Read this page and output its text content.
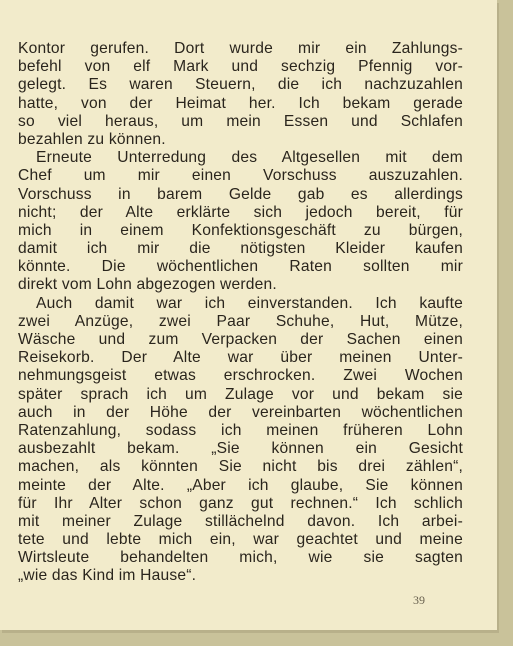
Kontor gerufen. Dort wurde mir ein Zahlungs-
befehl von elf Mark und sechzig Pfennig vor-
gelegt. Es waren Steuern, die ich nachzuzahlen
hatte, von der Heimat her. Ich bekam gerade
so viel heraus, um mein Essen und Schlafen
bezahlen zu können.
Erneute Unterredung des Altgesellen mit dem
Chef um mir einen Vorschuss auszuzahlen.
Vorschuss in barem Gelde gab es allerdings
nicht; der Alte erklärte sich jedoch bereit, für
mich in einem Konfektionsgeschäft zu bürgen,
damit ich mir die nötigsten Kleider kaufen
könnte. Die wöchentlichen Raten sollten mir
direkt vom Lohn abgezogen werden.
Auch damit war ich einverstanden. Ich kaufte
zwei Anzüge, zwei Paar Schuhe, Hut, Mütze,
Wäsche und zum Verpacken der Sachen einen
Reisekorb. Der Alte war über meinen Unter-
nehmungsgeist etwas erschrocken. Zwei Wochen
später sprach ich um Zulage vor und bekam sie
auch in der Höhe der vereinbarten wöchentlichen
Ratenzahlung, sodass ich meinen früheren Lohn
ausbezahlt bekam. „Sie können ein Gesicht
machen, als könnten Sie nicht bis drei zählen“,
meinte der Alte. „Aber ich glaube, Sie können
für Ihr Alter schon ganz gut rechnen.“ Ich schlich
mit meiner Zulage stillächelnd davon. Ich arbei-
tete und lebte mich ein, war geachtet und meine
Wirtsleute behandelten mich, wie sie sagten
„wie das Kind im Hause“.
39
